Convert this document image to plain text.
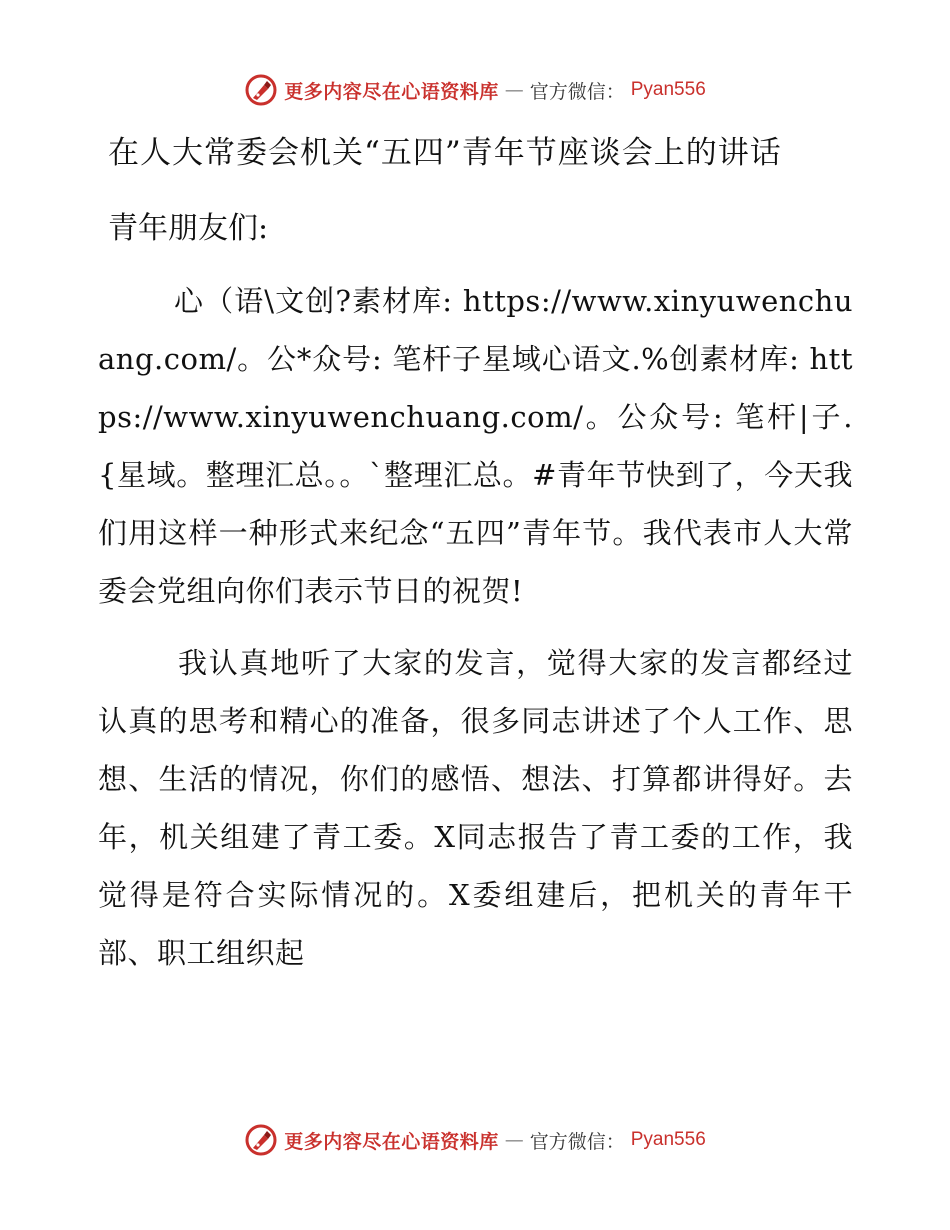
更多内容尽在心语资料库 — 官方微信： Pyan556
在人大常委会机关“五四”青年节座谈会上的讲话

青年朋友们:

心（语\文创?素材库: https://www.xinyuwenchuang.com/。公*众号: 笔杆子星域心语文.%创素材库: https://www.xinyuwenchuang.com/。公众号: 笔杆|子.{星域。整理汇总。。`整理汇总。#青年节快到了，今天我们用这样一种形式来纪念“五四”青年节。我代表市人大常委会党组向你们表示节日的祝贺!

我认真地听了大家的发言，觉得大家的发言都经过认真的思考和精心的准备，很多同志讲述了个人工作、思想、生活的情况，你们的感悟、想法、打算都讲得好。去年，机关组建了青工委。X同志报告了青工委的工作，我觉得是符合实际情况的。X委组建后，把机关的青年干部、职工组织起

更多内容尽在心语资料库 — 官方微信： Pyan556
